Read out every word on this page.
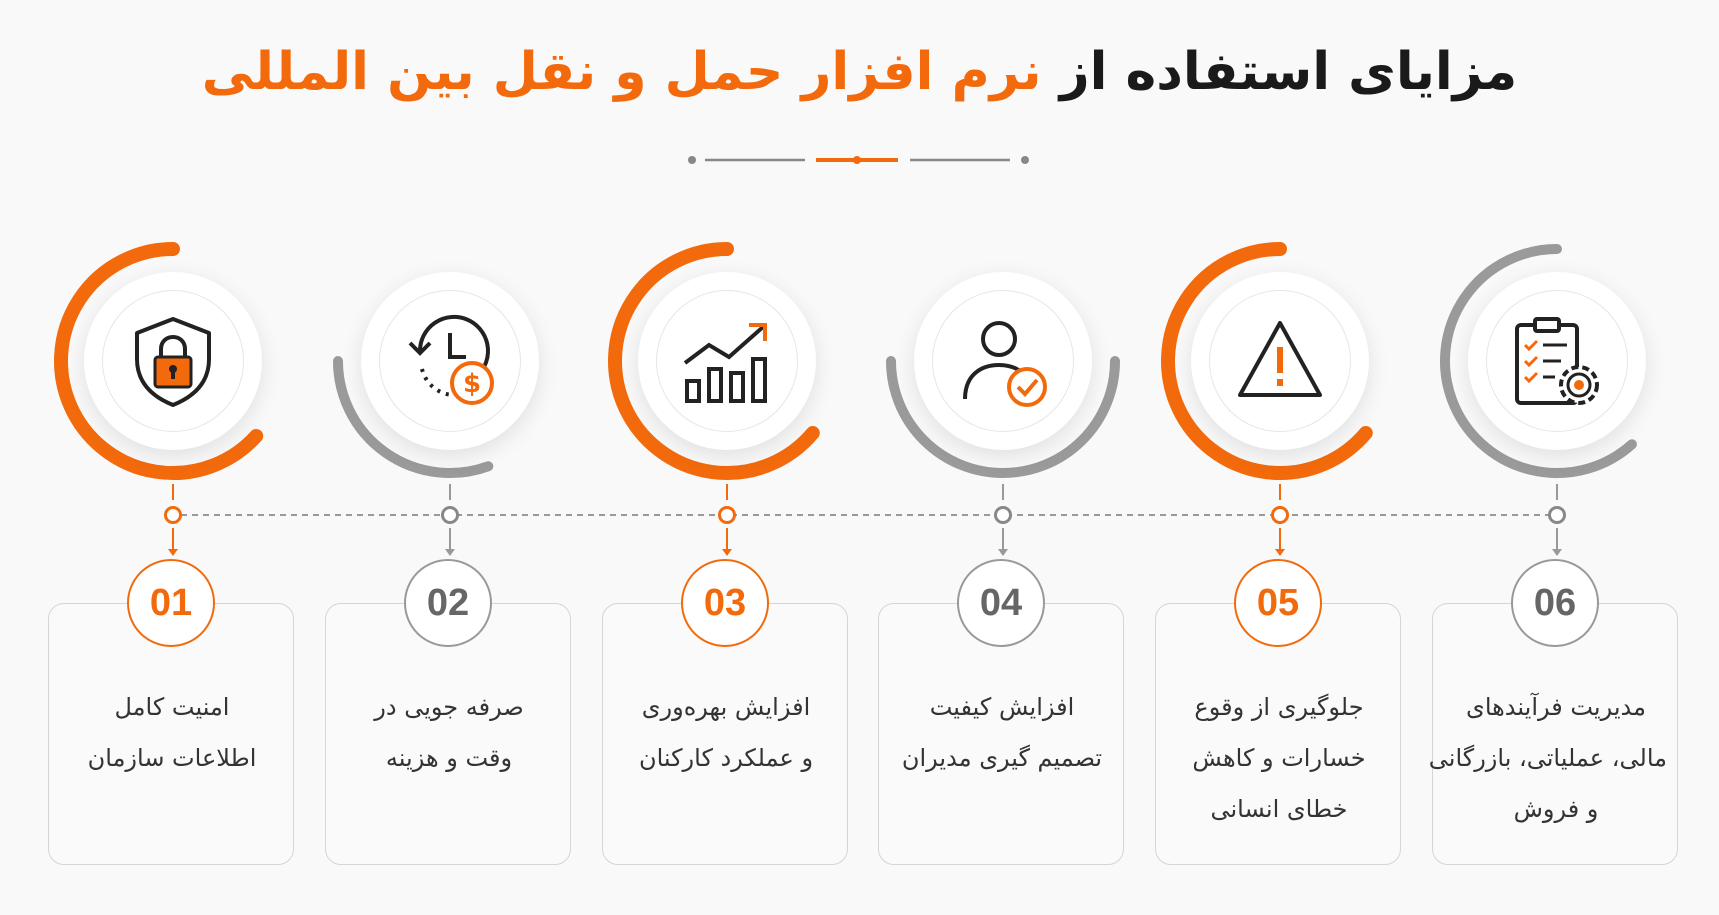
مزایای استفاده از نرم افزار حمل و نقل بین المللی
امنیت کامل
اطلاعات سازمان
01
$
صرفه جویی در
وقت و هزینه
02
افزایش بهره‌وری
و عملکرد کارکنان
03
افزایش کیفیت
تصمیم گیری مدیران
04
جلوگیری از وقوع
خسارات و کاهش
خطای انسانی
05
مدیریت فرآیندهای
مالی، عملیاتی، بازرگانی
و فروش
06
